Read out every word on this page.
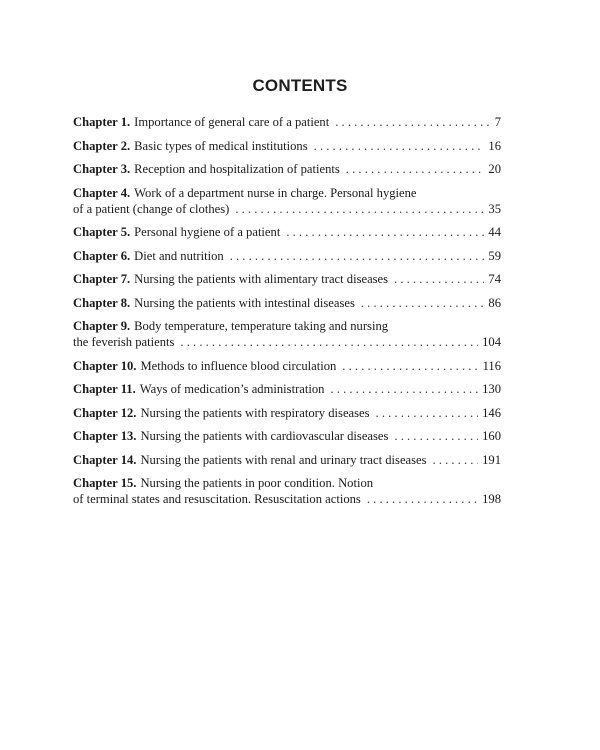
CONTENTS
Chapter 1. Importance of general care of a patient . . .	7
Chapter 2. Basic types of medical institutions . . .	16
Chapter 3. Reception and hospitalization of patients . . .	20
Chapter 4. Work of a department nurse in charge. Personal hygiene
of a patient (change of clothes) . . .	35
Chapter 5. Personal hygiene of a patient . . .	44
Chapter 6. Diet and nutrition . . .	59
Chapter 7. Nursing the patients with alimentary tract diseases . . .	74
Chapter 8. Nursing the patients with intestinal diseases . . .	86
Chapter 9. Body temperature, temperature taking and nursing
the feverish patients . . .	104
Chapter 10. Methods to influence blood circulation . . .	116
Chapter 11. Ways of medication’s administration . . .	130
Chapter 12. Nursing the patients with respiratory diseases . . .	146
Chapter 13. Nursing the patients with cardiovascular diseases . . .	160
Chapter 14. Nursing the patients with renal and urinary tract diseases . . .	191
Chapter 15. Nursing the patients in poor condition. Notion
of terminal states and resuscitation. Resuscitation actions . . .	198
